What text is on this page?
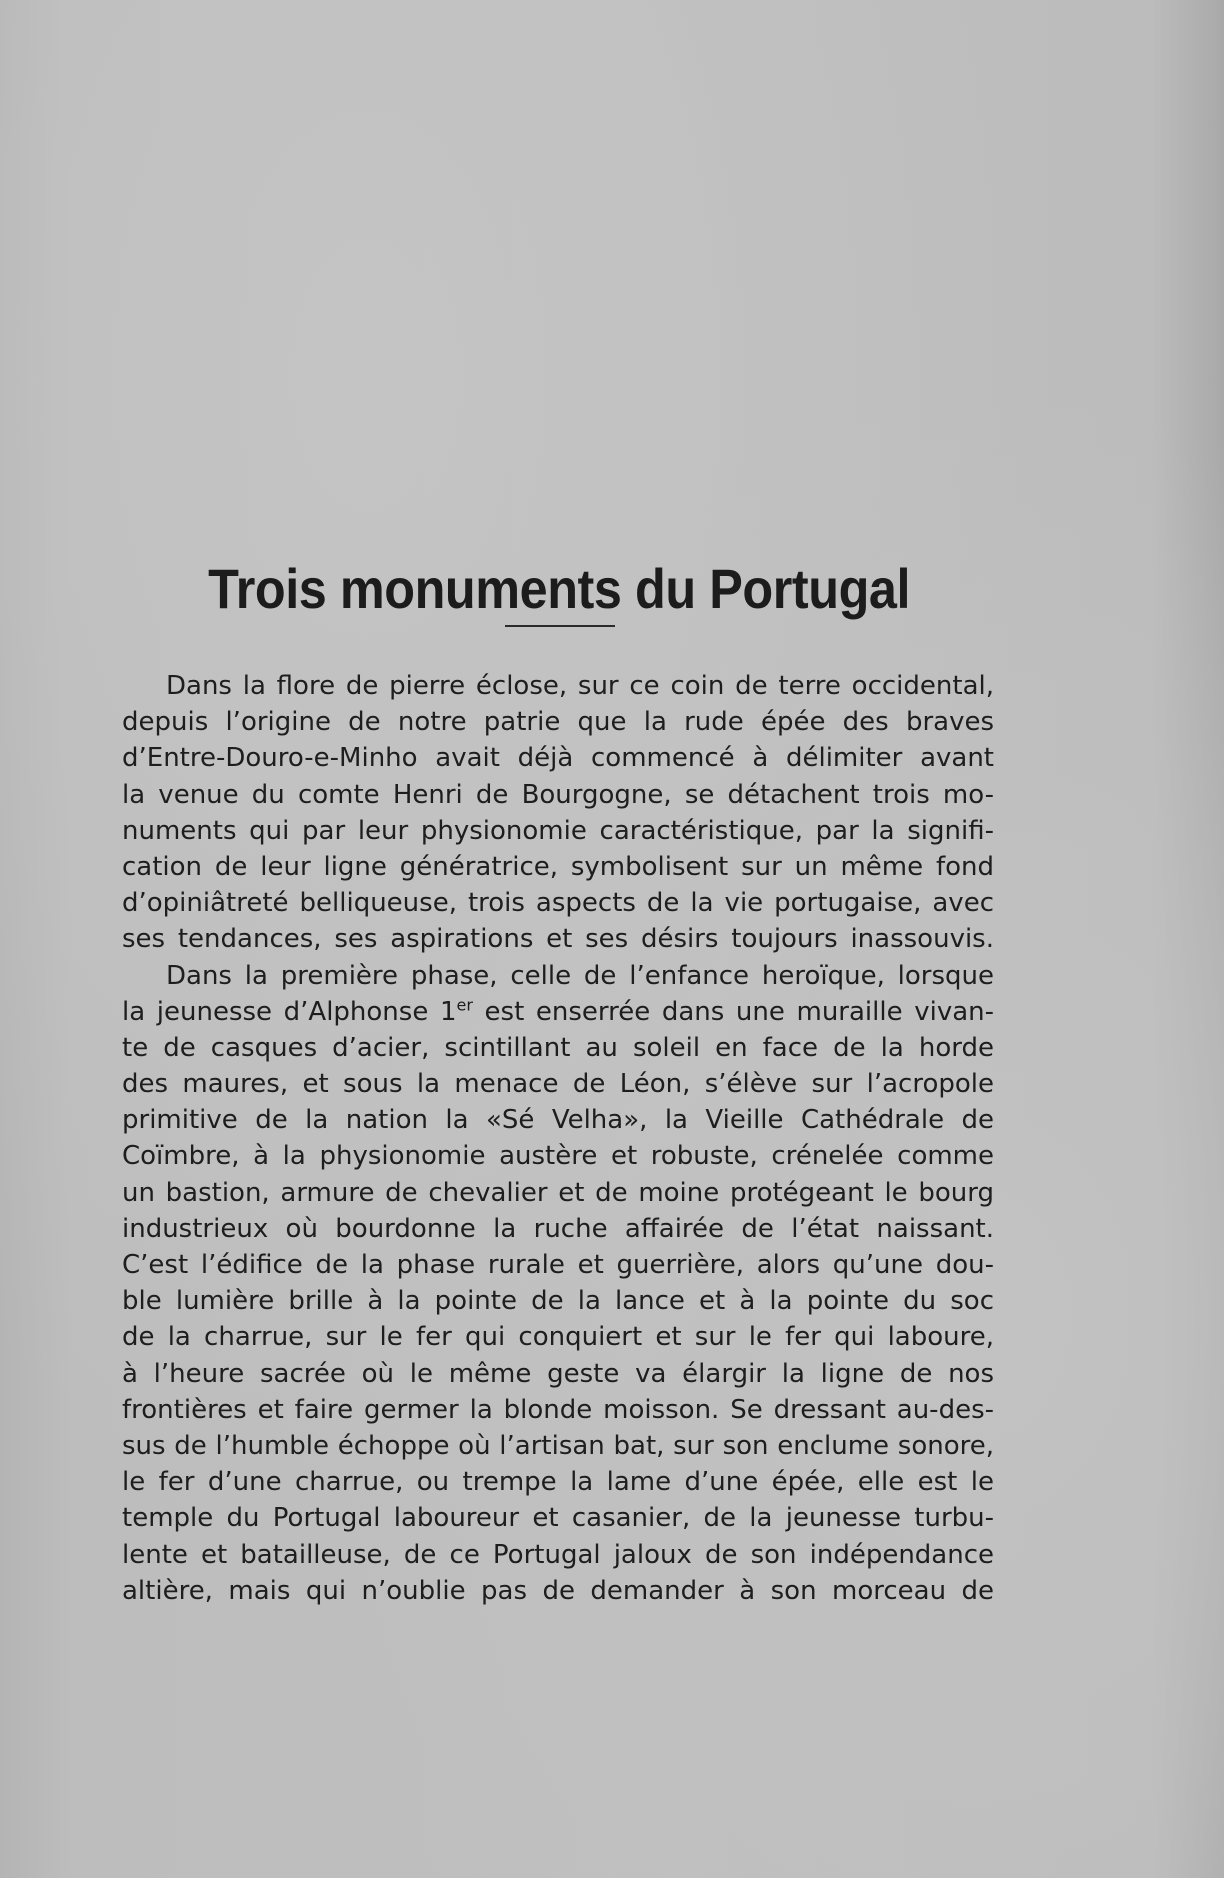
Trois monuments du Portugal
Dans la flore de pierre éclose, sur ce coin de terre occidental,
depuis l’origine de notre patrie que la rude épée des braves
d’Entre-Douro-e-Minho avait déjà commencé à délimiter avant
la venue du comte Henri de Bourgogne, se détachent trois mo-
numents qui par leur physionomie caractéristique, par la signifi-
cation de leur ligne génératrice, symbolisent sur un même fond
d’opiniâtreté belliqueuse, trois aspects de la vie portugaise, avec
ses tendances, ses aspirations et ses désirs toujours inassouvis.
Dans la première phase, celle de l’enfance heroïque, lorsque
la jeunesse d’Alphonse 1er est enserrée dans une muraille vivan-
te de casques d’acier, scintillant au soleil en face de la horde
des maures, et sous la menace de Léon, s’élève sur l’acropole
primitive de la nation la «Sé Velha», la Vieille Cathédrale de
Coïmbre, à la physionomie austère et robuste, crénelée comme
un bastion, armure de chevalier et de moine protégeant le bourg
industrieux où bourdonne la ruche affairée de l’état naissant.
C’est l’édifice de la phase rurale et guerrière, alors qu’une dou-
ble lumière brille à la pointe de la lance et à la pointe du soc
de la charrue, sur le fer qui conquiert et sur le fer qui laboure,
à l’heure sacrée où le même geste va élargir la ligne de nos
frontières et faire germer la blonde moisson. Se dressant au-des-
sus de l’humble échoppe où l’artisan bat, sur son enclume sonore,
le fer d’une charrue, ou trempe la lame d’une épée, elle est le
temple du Portugal laboureur et casanier, de la jeunesse turbu-
lente et batailleuse, de ce Portugal jaloux de son indépendance
altière, mais qui n’oublie pas de demander à son morceau de
